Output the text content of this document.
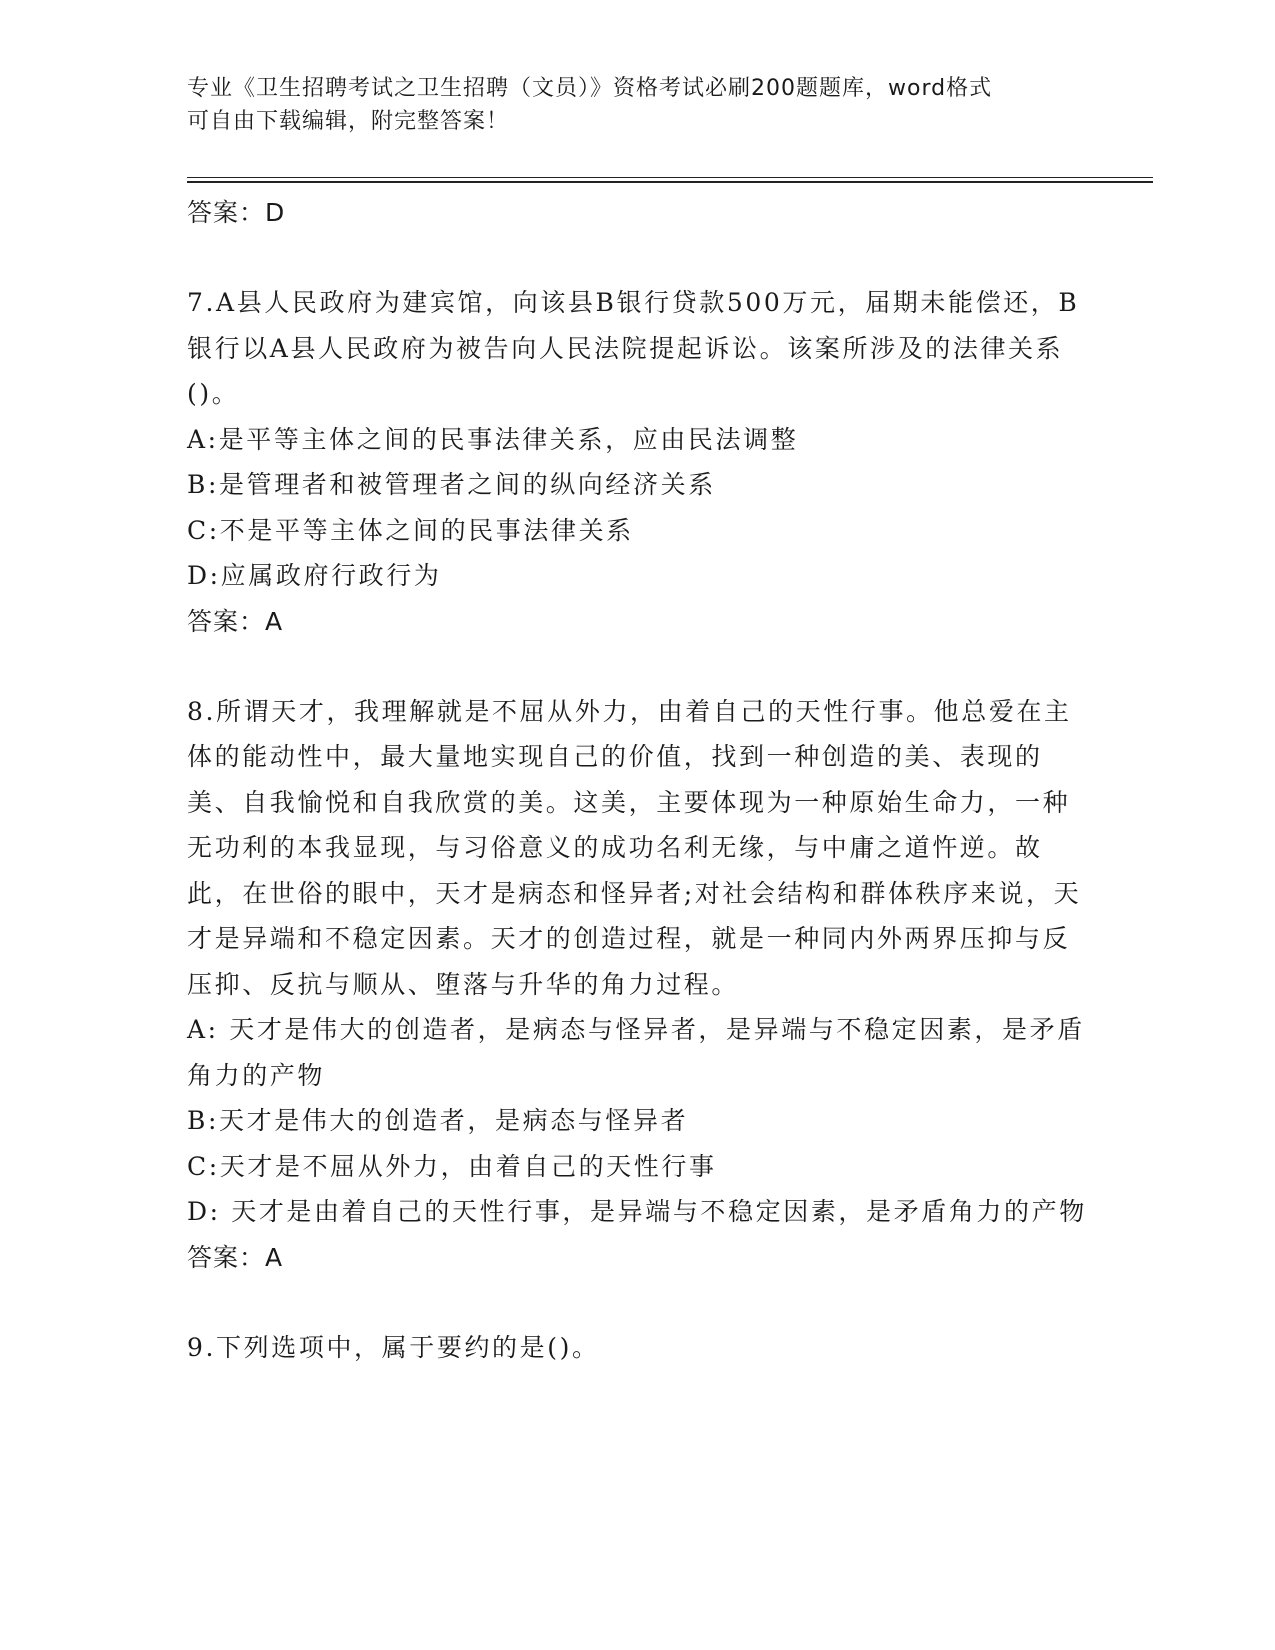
专业《卫生招聘考试之卫生招聘（文员）》资格考试必刷200题题库，word格式
可自由下载编辑，附完整答案！
答案：D
7.A县人民政府为建宾馆，向该县B银行贷款500万元，届期未能偿还，B银行以A县人民政府为被告向人民法院提起诉讼。该案所涉及的法律关系()。
A: 是平等主体之间的民事法律关系，应由民法调整
B: 是管理者和被管理者之间的纵向经济关系
C: 不是平等主体之间的民事法律关系
D: 应属政府行政行为
答案：A
8.所谓天才，我理解就是不屈从外力，由着自己的天性行事。他总爱在主体的能动性中，最大量地实现自己的价值，找到一种创造的美、表现的美、自我愉悦和自我欣赏的美。这美，主要体现为一种原始生命力，一种无功利的本我显现，与习俗意义的成功名利无缘，与中庸之道忤逆。故此，在世俗的眼中，天才是病态和怪异者;对社会结构和群体秩序来说，天才是异端和不稳定因素。天才的创造过程，就是一种同内外两界压抑与反压抑、反抗与顺从、堕落与升华的角力过程。
A: 天才是伟大的创造者，是病态与怪异者，是异端与不稳定因素，是矛盾角力的产物
B: 天才是伟大的创造者，是病态与怪异者
C: 天才是不屈从外力，由着自己的天性行事
D: 天才是由着自己的天性行事，是异端与不稳定因素，是矛盾角力的产物
答案：A
9.下列选项中，属于要约的是()。
